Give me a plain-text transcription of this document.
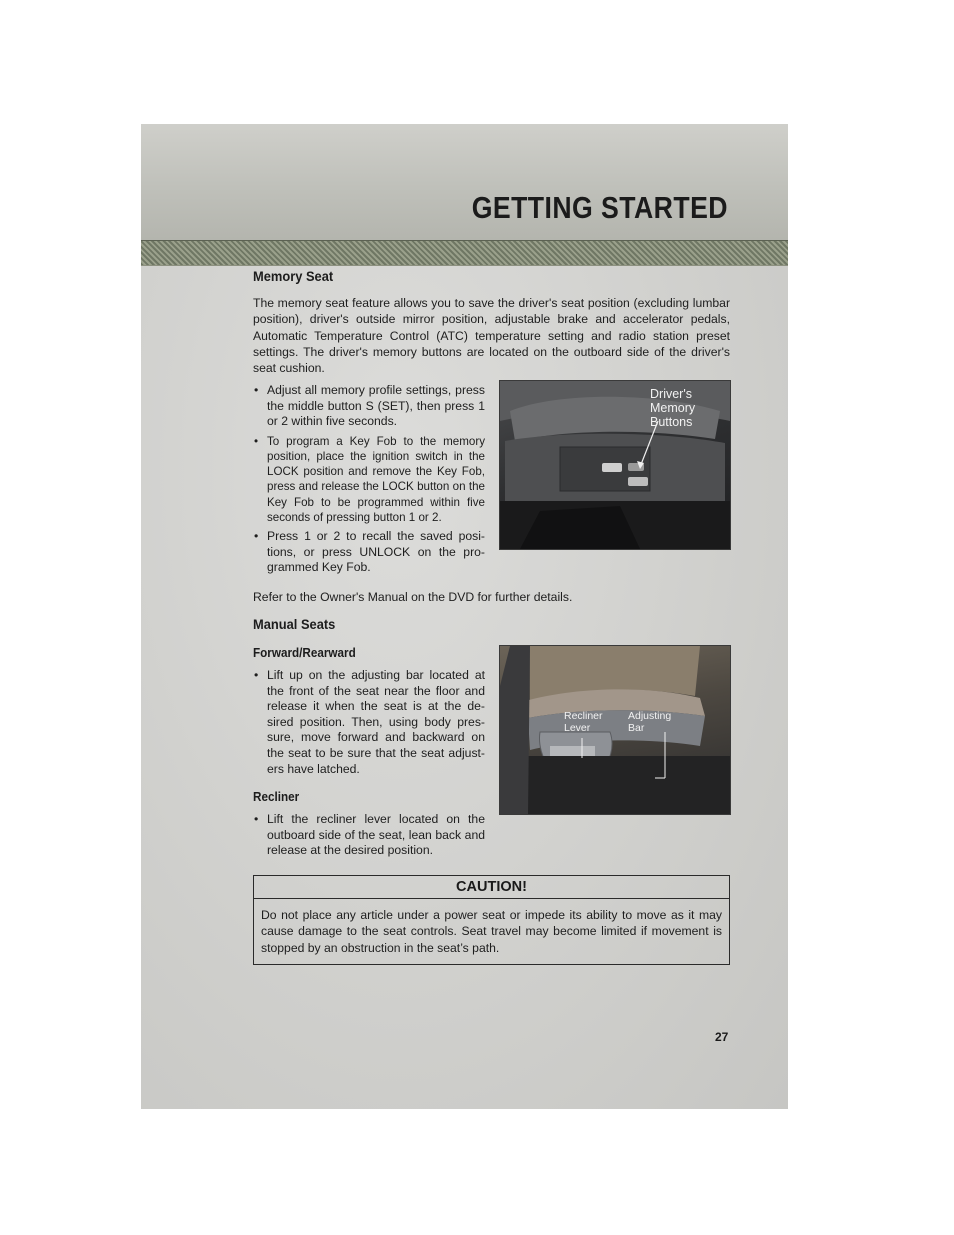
GETTING STARTED
Memory Seat

The memory seat feature allows you to save the driver's seat position (excluding lumbar position), driver's outside mirror position, adjustable brake and accelerator pedals, Automatic Temperature Control (ATC) temperature setting and radio station preset settings. The driver's memory buttons are located on the outboard side of the driver's seat cushion.

• Adjust all memory profile settings, press the middle button S (SET), then press 1 or 2 within five seconds.
• To program a Key Fob to the memory position, place the ignition switch in the LOCK position and remove the Key Fob, press and release the LOCK button on the Key Fob to be programmed within five seconds of pressing button 1 or 2.
• Press 1 or 2 to recall the saved posi-tions, or press UNLOCK on the pro-grammed Key Fob.
Driver's Memory Buttons

Refer to the Owner's Manual on the DVD for further details.

Manual Seats
Forward/Rearward
• Lift up on the adjusting bar located at the front of the seat near the floor and release it when the seat is at the de-sired position. Then, using body pres-sure, move forward and backward on the seat to be sure that the seat adjust-ers have latched.
Recliner
• Lift the recliner lever located on the outboard side of the seat, lean back and release at the desired position.
Recliner Lever
Adjusting Bar
CAUTION!
Do not place any article under a power seat or impede its ability to move as it may cause damage to the seat controls. Seat travel may become limited if movement is stopped by an obstruction in the seat’s path.
27
